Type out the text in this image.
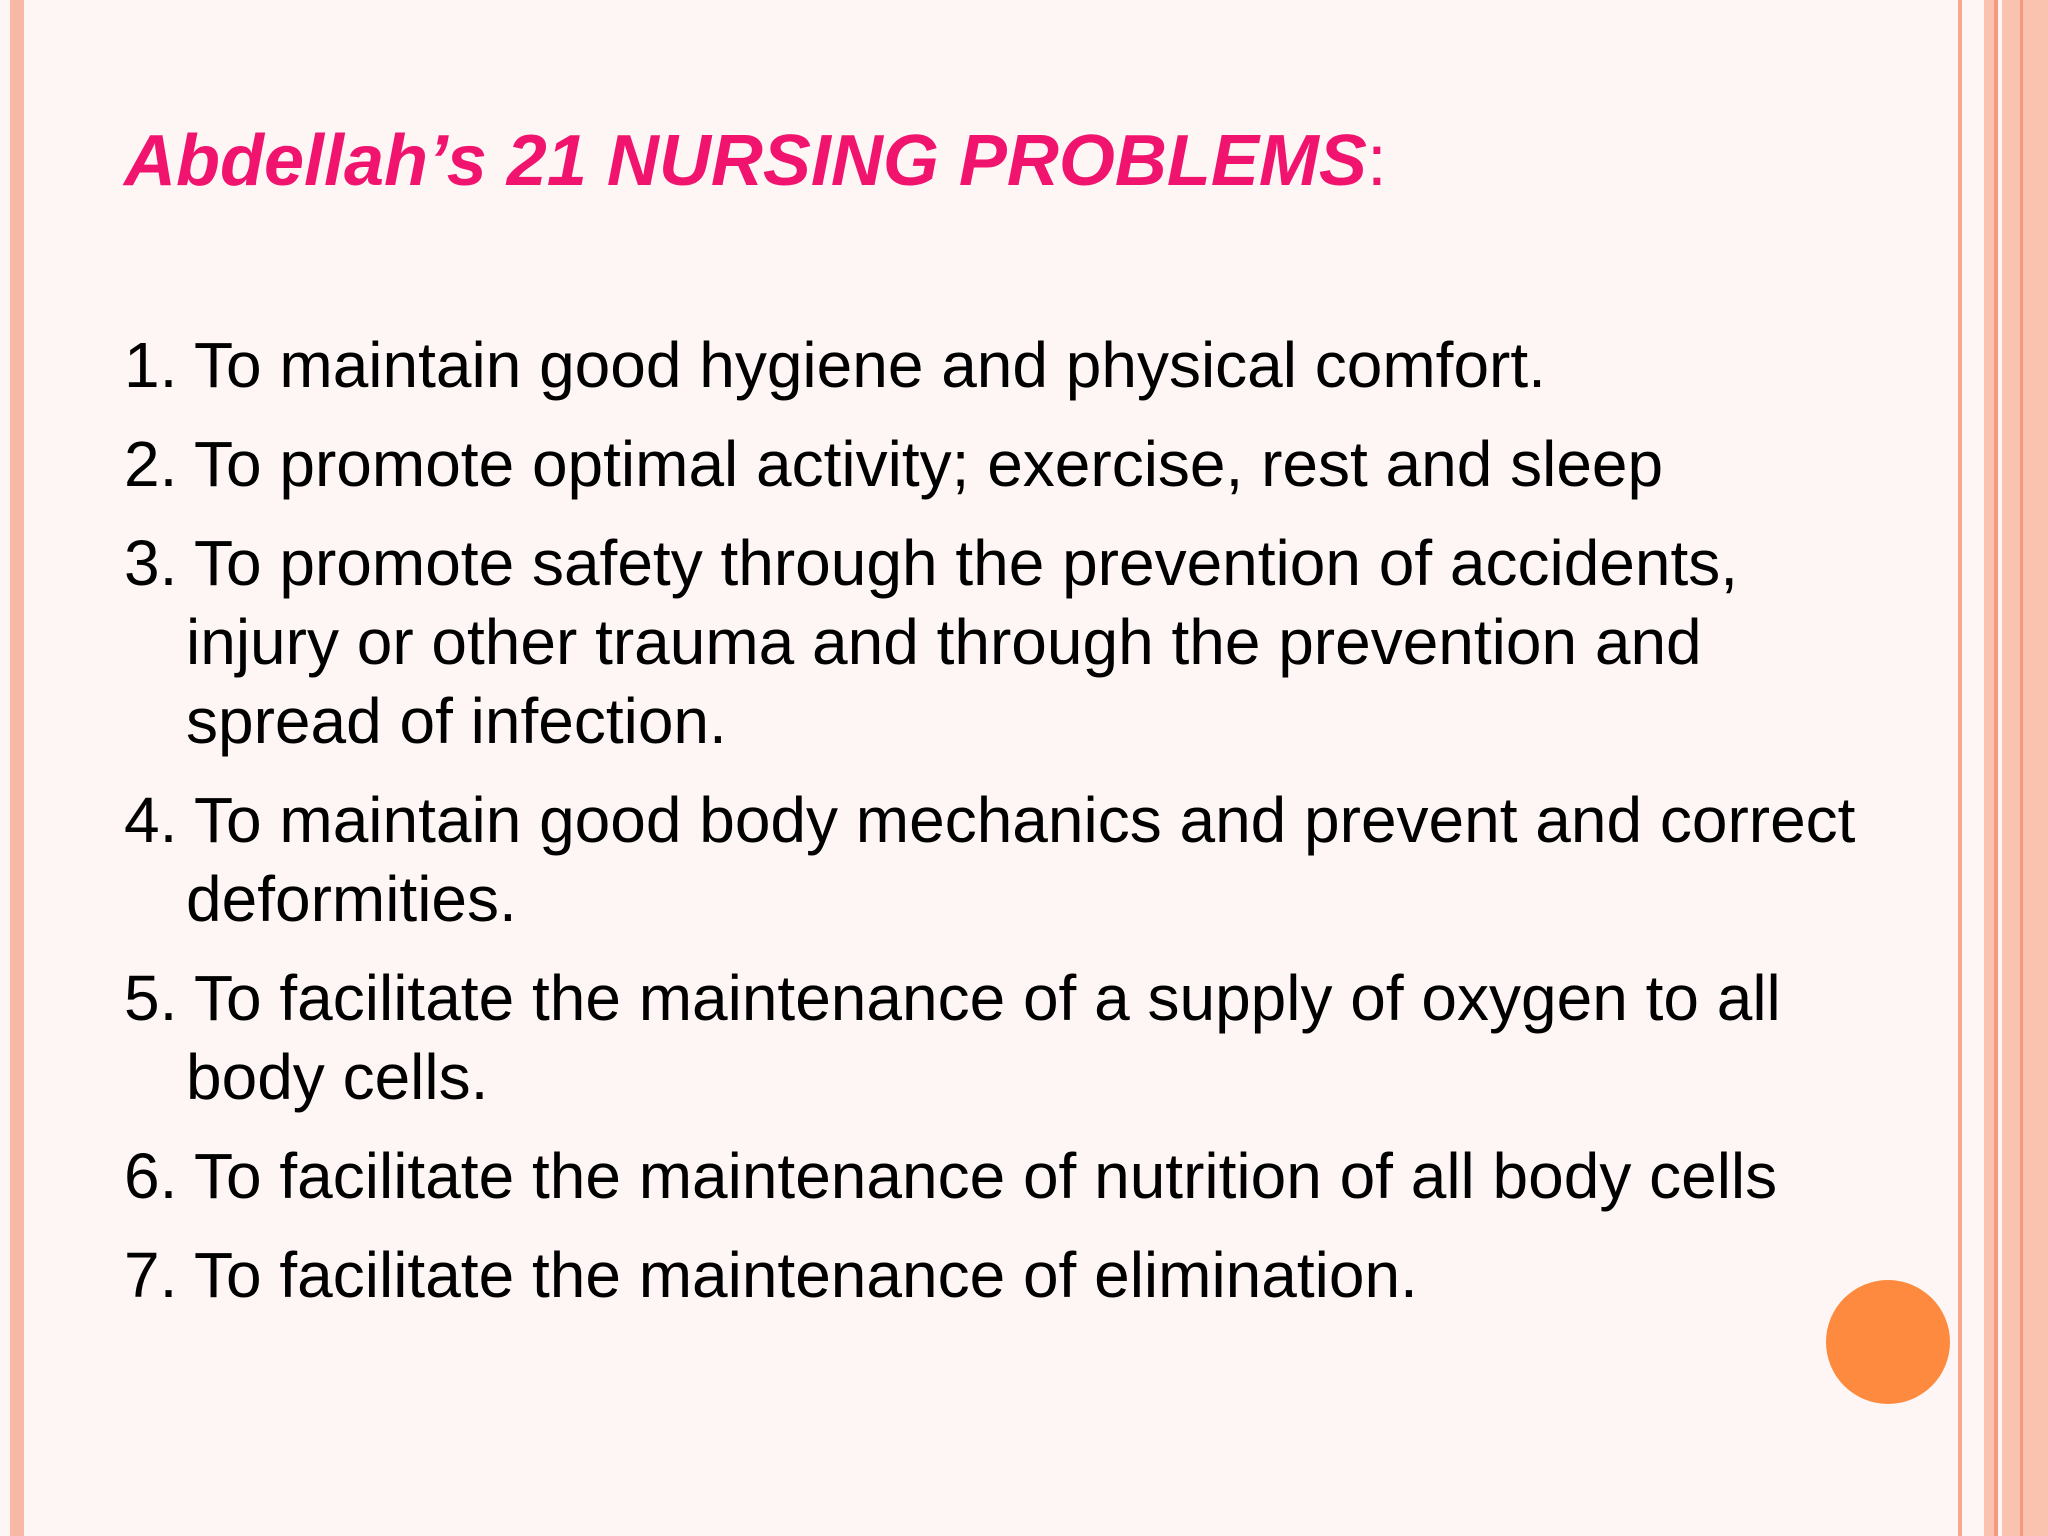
Abdellah’s 21 NURSING PROBLEMS:
1. To maintain good hygiene and physical comfort.
2. To promote optimal activity; exercise, rest and sleep
3. To promote safety through the prevention of accidents, injury or other trauma and through the prevention and spread of infection.
4. To maintain good body mechanics and prevent and correct deformities.
5. To facilitate the maintenance of a supply of oxygen to all body cells.
6. To facilitate the maintenance of nutrition of all body cells
7. To facilitate the maintenance of elimination.
